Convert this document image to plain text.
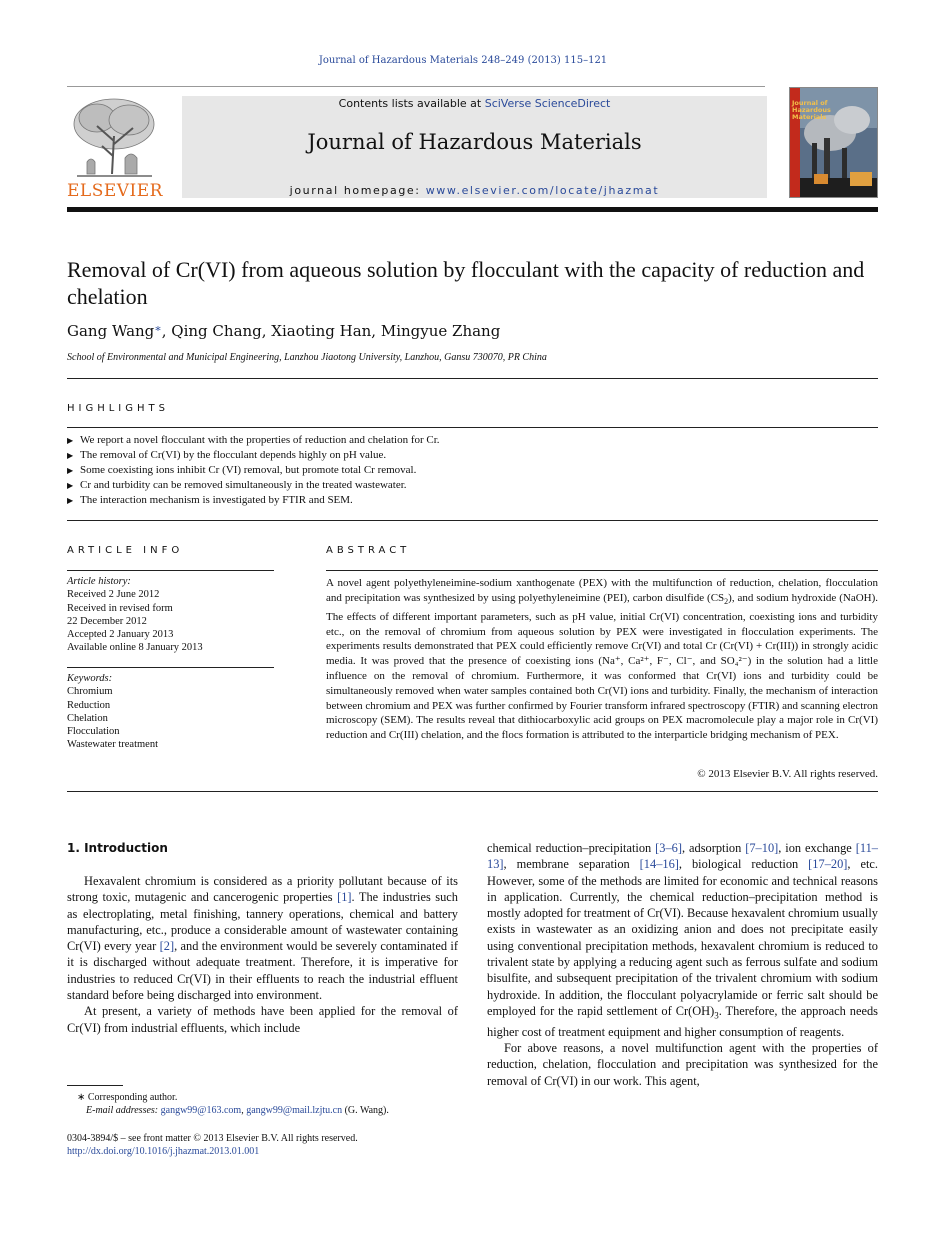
Journal of Hazardous Materials 248–249 (2013) 115–121
ELSEVIER
Contents lists available at SciVerse ScienceDirect
Journal of Hazardous Materials
journal homepage: www.elsevier.com/locate/jhazmat
Journal of Hazardous Materials
Removal of Cr(VI) from aqueous solution by flocculant with the capacity of reduction and chelation
Gang Wang∗, Qing Chang, Xiaoting Han, Mingyue Zhang
School of Environmental and Municipal Engineering, Lanzhou Jiaotong University, Lanzhou, Gansu 730070, PR China
HIGHLIGHTS
▶ We report a novel flocculant with the properties of reduction and chelation for Cr.
▶ The removal of Cr(VI) by the flocculant depends highly on pH value.
▶ Some coexisting ions inhibit Cr (VI) removal, but promote total Cr removal.
▶ Cr and turbidity can be removed simultaneously in the treated wastewater.
▶ The interaction mechanism is investigated by FTIR and SEM.
ARTICLE INFO
Article history:
Received 2 June 2012
Received in revised form
22 December 2012
Accepted 2 January 2013
Available online 8 January 2013
Keywords:
Chromium
Reduction
Chelation
Flocculation
Wastewater treatment
ABSTRACT

A novel agent polyethyleneimine-sodium xanthogenate (PEX) with the multifunction of reduction, chelation, flocculation and precipitation was synthesized by using polyethyleneimine (PEI), carbon disulfide $(CS_2)$, and sodium hydroxide (NaOH). The effects of different important parameters, such as pH value, initial Cr(VI) concentration, coexisting ions and turbidity etc., on the removal of chromium from aqueous solution by PEX were investigated in flocculation experiments. The experiments results demonstrated that PEX could efficiently remove Cr(VI) and total Cr (Cr(VI) + Cr(III)) in strongly acidic media. It was proved that the presence of coexisting ions (Na⁺, Ca²⁺, F⁻, Cl⁻, and SO₄²⁻) in the solution had a little influence on the removal of chromium. Furthermore, it was conformed that Cr(VI) ions and turbidity could be simultaneously removed when water samples contained both Cr(VI) ions and turbidity. Finally, the mechanism of interaction between chromium and PEX was further confirmed by Fourier transform infrared spectroscopy (FTIR) and scanning electron microscopy (SEM). The results reveal that dithiocarboxylic acid groups on PEX macromolecule play a major role in Cr(VI) reduction and Cr(III) chelation, and the flocs formation is attributed to the interparticle bridging mechanism of PEX.

© 2013 Elsevier B.V. All rights reserved.
1. Introduction

Hexavalent chromium is considered as a priority pollutant because of its strong toxic, mutagenic and cancerogenic properties [1]. The industries such as electroplating, metal finishing, tannery operations, chemical and battery manufacturing, etc., produce a considerable amount of wastewater containing Cr(VI) every year [2], and the environment would be severely contaminated if it is discharged without adequate treatment. Therefore, it is imperative for industries to reduced Cr(VI) in their effluents to reach the industrial effluent standard before being discharged into environment.

At present, a variety of methods have been applied for the removal of Cr(VI) from industrial effluents, which include

chemical reduction–precipitation [3–6], adsorption [7–10], ion exchange [11–13], membrane separation [14–16], biological reduction [17–20], etc. However, some of the methods are limited for economic and technical reasons in application. Currently, the chemical reduction–precipitation method is mostly adopted for treatment of Cr(VI). Because hexavalent chromium usually exists in wastewater as an oxidizing anion and does not precipitate easily using conventional precipitation methods, hexavalent chromium is reduced to trivalent state by applying a reducing agent such as ferrous sulfate and sodium bisulfite, and subsequent precipitation of the trivalent chromium with sodium hydroxide. In addition, the flocculant polyacrylamide or ferric salt should be employed for the rapid settlement of $Cr(OH)_3$. Therefore, the approach needs higher cost of treatment equipment and higher consumption of reagents.

For above reasons, a novel multifunction agent with the properties of reduction, chelation, flocculation and precipitation was synthesized for the removal of Cr(VI) in our work. This agent,

∗ Corresponding author.
E-mail addresses: gangw99@163.com, gangw99@mail.lzjtu.cn (G. Wang).
0304-3894/$ – see front matter © 2013 Elsevier B.V. All rights reserved.
http://dx.doi.org/10.1016/j.jhazmat.2013.01.001
